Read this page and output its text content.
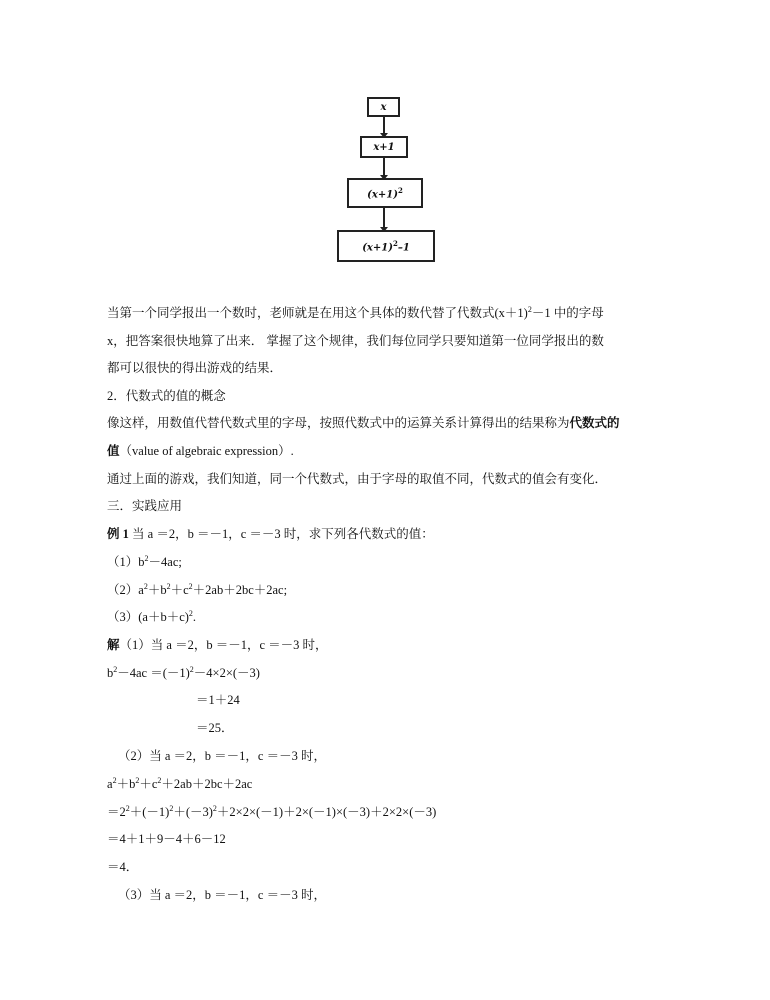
x
x+1
$(x+1)^2$
$(x+1)^2-1$
当第一个同学报出一个数时，老师就是在用这个具体的数代替了代数式$(x+1)^2-1$ 中的字母
x，把答案很快地算了出来． 掌握了这个规律，我们每位同学只要知道第一位同学报出的数
都可以很快的得出游戏的结果．
2．代数式的值的概念
像这样，用数值代替代数式里的字母，按照代数式中的运算关系计算得出的结果称为代数式的
值（value of algebraic expression）.
通过上面的游戏，我们知道，同一个代数式，由于字母的取值不同，代数式的值会有变化．
三．实践应用
例 1 当 a ＝2，b ＝－1，c ＝－3 时，求下列各代数式的值：
$(1)b^2-4ac$;
$(2)a^2+b^2+c^2+2ab+2bc+2ac$;
$(3)(a+b+c)^2$.
解（1）当 a ＝2，b ＝－1，c ＝－3 时，
$b^2-4ac =(-1)^2-4\times 2\times(-3)$
＝1＋24
＝25．
（2）当 a ＝2，b ＝－1，c ＝－3 时，
$a^2+b^2+c^2+2ab+2bc+2ac$
$=2^2+(-1)^2+(-3)^2+2\times 2\times(-1)+2\times(-1)\times(-3)+2\times 2\times(-3)$
＝4＋1＋9－4＋6－12
＝4．
（3）当 a ＝2，b ＝－1，c ＝－3 时，
